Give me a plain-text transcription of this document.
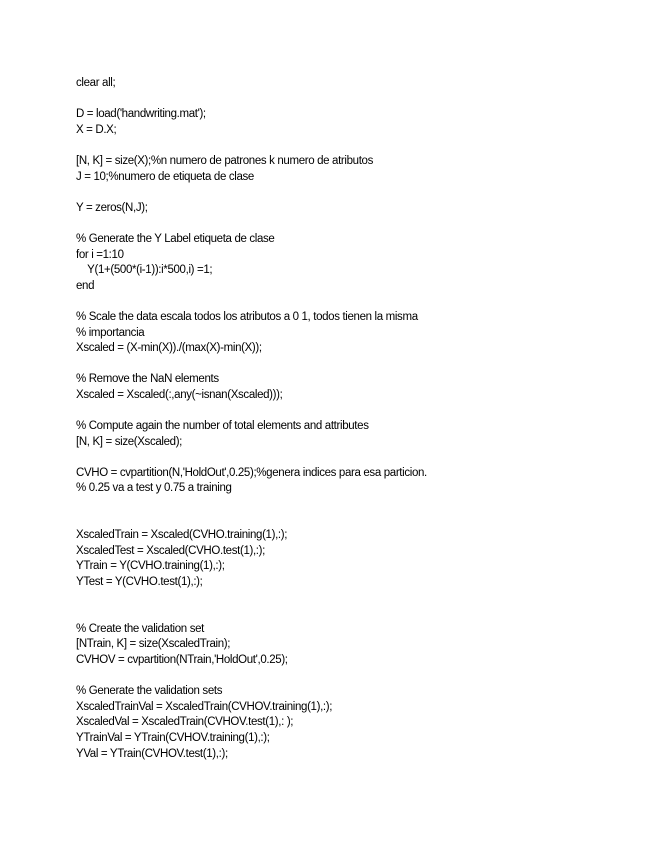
clear all;
D = load('handwriting.mat');
X = D.X;
[N, K] = size(X);%n numero de patrones k numero de atributos
J = 10;%numero de etiqueta de clase
Y = zeros(N,J);
% Generate the Y Label etiqueta de clase
for i =1:10
Y(1+(500*(i-1)):i*500,i) =1;
end
% Scale the data escala todos los atributos a 0 1, todos tienen la misma
% importancia
Xscaled = (X-min(X))./(max(X)-min(X));
% Remove the NaN elements
Xscaled = Xscaled(:,any(~isnan(Xscaled)));
% Compute again the number of total elements and attributes
[N, K] = size(Xscaled);
CVHO = cvpartition(N,'HoldOut',0.25);%genera indices para esa particion.
% 0.25 va a test y 0.75 a training
XscaledTrain = Xscaled(CVHO.training(1),:);
XscaledTest = Xscaled(CVHO.test(1),:);
YTrain = Y(CVHO.training(1),:);
YTest = Y(CVHO.test(1),:);
% Create the validation set
[NTrain, K] = size(XscaledTrain);
CVHOV = cvpartition(NTrain,'HoldOut',0.25);
% Generate the validation sets
XscaledTrainVal = XscaledTrain(CVHOV.training(1),:);
XscaledVal = XscaledTrain(CVHOV.test(1),: );
YTrainVal = YTrain(CVHOV.training(1),:);
YVal = YTrain(CVHOV.test(1),:);
